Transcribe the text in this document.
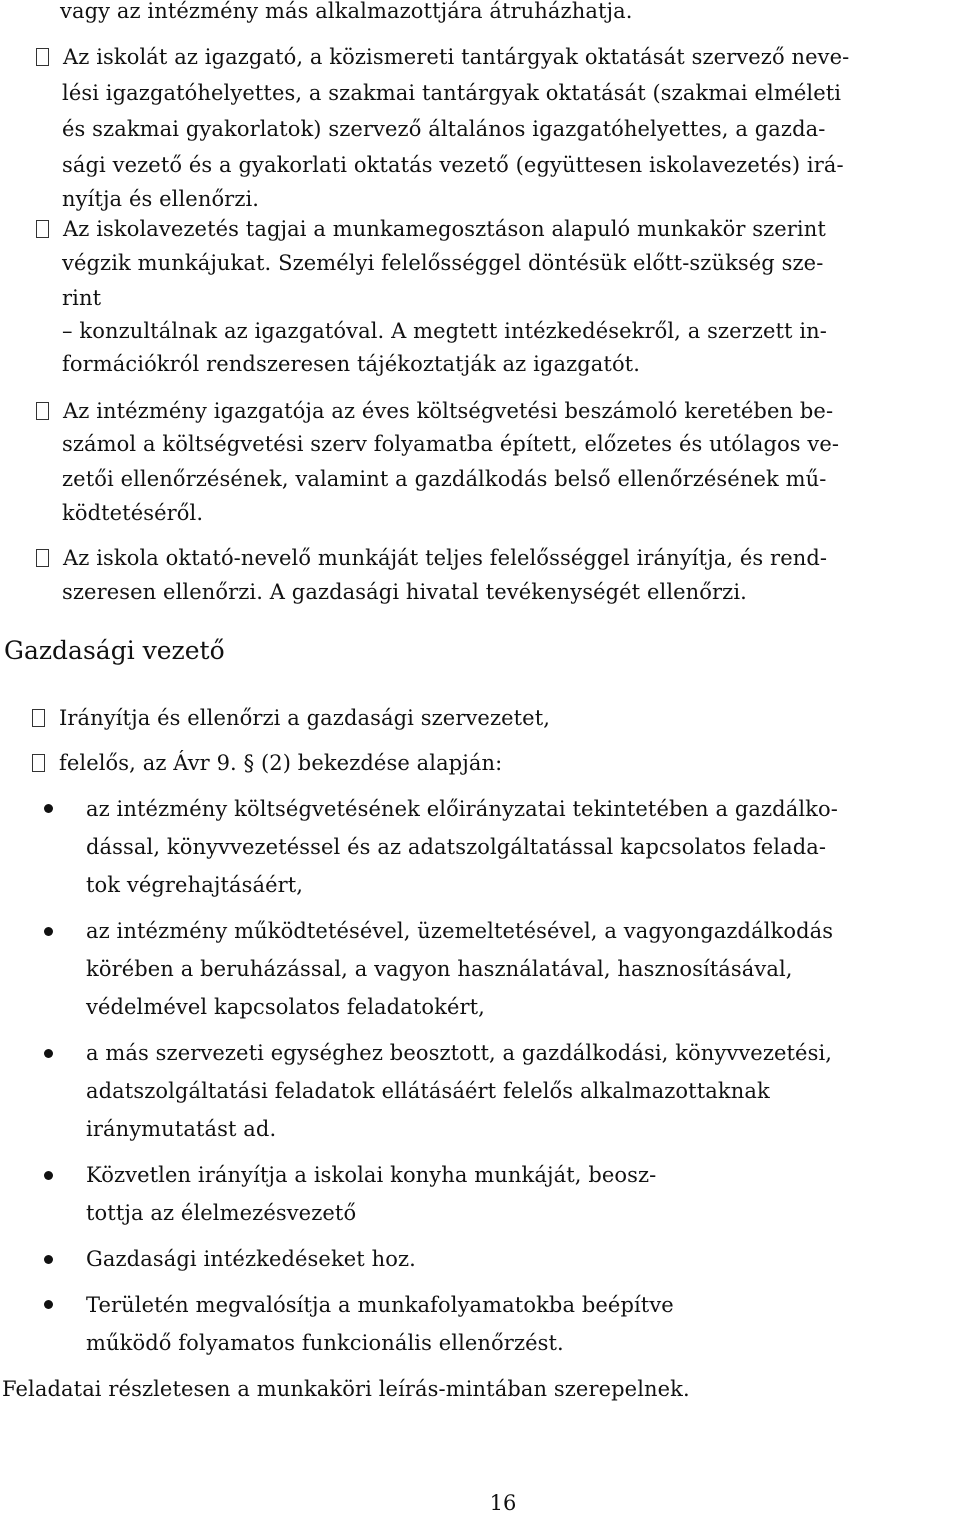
vagy az intézmény más alkalmazottjára átruházhatja.
Az iskolát az igazgató, a közismereti tantárgyak oktatását szervező neve-
lési igazgatóhelyettes, a szakmai tantárgyak oktatását (szakmai elméleti
és szakmai gyakorlatok) szervező általános igazgatóhelyettes, a gazda-
sági vezető és a gyakorlati oktatás vezető (együttesen iskolavezetés) irá-
nyítja és ellenőrzi.
Az iskolavezetés tagjai a munkamegosztáson alapuló munkakör szerint
végzik munkájukat. Személyi felelősséggel döntésük előtt-szükség sze-
rint
– konzultálnak az igazgatóval. A megtett intézkedésekről, a szerzett in-
formációkról rendszeresen tájékoztatják az igazgatót.
Az intézmény igazgatója az éves költségvetési beszámoló keretében be-
számol a költségvetési szerv folyamatba épített, előzetes és utólagos ve-
zetői ellenőrzésének, valamint a gazdálkodás belső ellenőrzésének mű-
ködtetéséről.
Az iskola oktató-nevelő munkáját teljes felelősséggel irányítja, és rend-
szeresen ellenőrzi. A gazdasági hivatal tevékenységét ellenőrzi.
Gazdasági vezető
Irányítja és ellenőrzi a gazdasági szervezetet,
felelős, az Ávr 9. § (2) bekezdése alapján:
az intézmény költségvetésének előirányzatai tekintetében a gazdálko-
dással, könyvvezetéssel és az adatszolgáltatással kapcsolatos felada-
tok végrehajtásáért,
az intézmény működtetésével, üzemeltetésével, a vagyongazdálkodás
körében a beruházással, a vagyon használatával, hasznosításával,
védelmével kapcsolatos feladatokért,
a más szervezeti egységhez beosztott, a gazdálkodási, könyvvezetési,
adatszolgáltatási feladatok ellátásáért felelős alkalmazottaknak
iránymutatást ad.
Közvetlen irányítja a iskolai konyha munkáját, beosz-
tottja az élelmezésvezető
Gazdasági intézkedéseket hoz.
Területén megvalósítja a munkafolyamatokba beépítve
működő folyamatos funkcionális ellenőrzést.
Feladatai részletesen a munkaköri leírás-mintában szerepelnek.
16
